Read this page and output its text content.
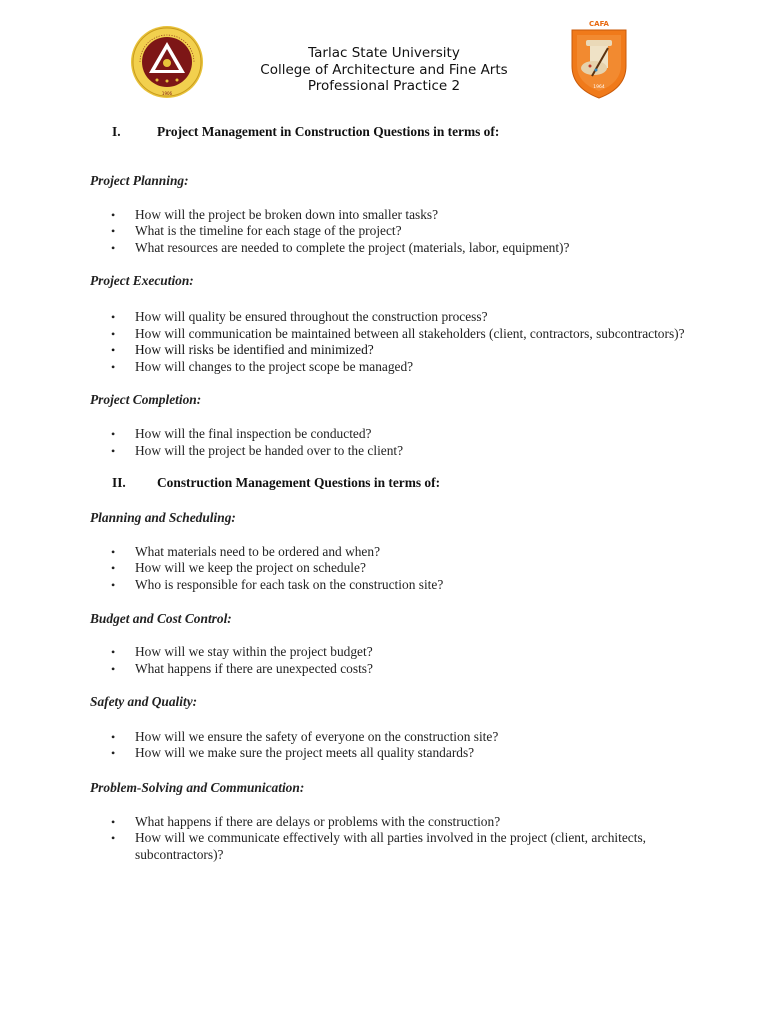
1906
Tarlac State University
College of Architecture and Fine Arts
Professional Practice 2
CAFA
1964
I.	Project Management in Construction Questions in terms of:
Project Planning:
• How will the project be broken down into smaller tasks?
• What is the timeline for each stage of the project?
• What resources are needed to complete the project (materials, labor, equipment)?
Project Execution:
• How will quality be ensured throughout the construction process?
• How will communication be maintained between all stakeholders (client, contractors, subcontractors)?
• How will risks be identified and minimized?
• How will changes to the project scope be managed?
Project Completion:
• How will the final inspection be conducted?
• How will the project be handed over to the client?
II.	Construction Management Questions in terms of:
Planning and Scheduling:
• What materials need to be ordered and when?
• How will we keep the project on schedule?
• Who is responsible for each task on the construction site?
Budget and Cost Control:
• How will we stay within the project budget?
• What happens if there are unexpected costs?
Safety and Quality:
• How will we ensure the safety of everyone on the construction site?
• How will we make sure the project meets all quality standards?
Problem-Solving and Communication:
• What happens if there are delays or problems with the construction?
• How will we communicate effectively with all parties involved in the project (client, architects, subcontractors)?
